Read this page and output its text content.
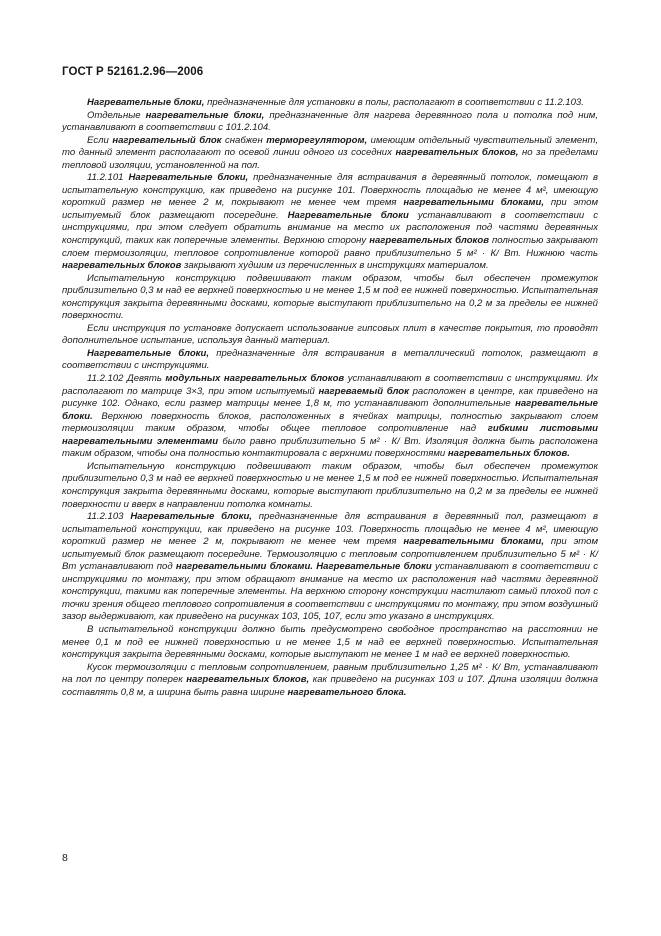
ГОСТ Р 52161.2.96—2006

Нагревательные блоки, предназначенные для установки в полы, располагают в соответствии с 11.2.103.

Отдельные нагревательные блоки, предназначенные для нагрева деревянного пола и потолка под ним, устанавливают в соответствии с 101.2.104.

Если нагревательный блок снабжен терморегулятором, имеющим отдельный чувствительный элемент, то данный элемент располагают по осевой линии одного из соседних нагревательных блоков, но за пределами тепловой изоляции, установленной на пол.

11.2.101 Нагревательные блоки, предназначенные для встраивания в деревянный потолок, помещают в испытательную конструкцию, как приведено на рисунке 101. Поверхность площадью не менее 4 м², имеющую короткий размер не менее 2 м, покрывают не менее чем тремя нагревательными блоками, при этом испытуемый блок размещают посередине. Нагревательные блоки устанавливают в соответствии с инструкциями, при этом следует обратить внимание на место их расположения под частями деревянных конструкций, таких как поперечные элементы. Верхнюю сторону нагревательных блоков полностью закрывают слоем термоизоляции, тепловое сопротивление которой равно приблизительно 5 м² · К/ Вт. Нижнюю часть нагревательных блоков закрывают худшим из перечисленных в инструкциях материалом.

Испытательную конструкцию подвешивают таким образом, чтобы был обеспечен промежуток приблизительно 0,3 м над ее верхней поверхностью и не менее 1,5 м под ее нижней поверхностью. Испытательная конструкция закрыта деревянными досками, которые выступают приблизительно на 0,2 м за пределы ее нижней поверхности.

Если инструкция по установке допускает использование гипсовых плит в качестве покрытия, то проводят дополнительное испытание, используя данный материал.

Нагревательные блоки, предназначенные для встраивания в металлический потолок, размещают в соответствии с инструкциями.

11.2.102 Девять модульных нагревательных блоков устанавливают в соответствии с инструкциями. Их располагают по матрице 3×3, при этом испытуемый нагреваемый блок расположен в центре, как приведено на рисунке 102. Однако, если размер матрицы менее 1,8 м, то устанавливают дополнительные нагревательные блоки. Верхнюю поверхность блоков, расположенных в ячейках матрицы, полностью закрывают слоем термоизоляции таким образом, чтобы общее тепловое сопротивление над гибкими листовыми нагревательными элементами было равно приблизительно 5 м² · К/ Вт. Изоляция должна быть расположена таким образом, чтобы она полностью контактировала с верхними поверхностями нагревательных блоков.

Испытательную конструкцию подвешивают таким образом, чтобы был обеспечен промежуток приблизительно 0,3 м над ее верхней поверхностью и не менее 1,5 м под ее нижней поверхностью. Испытательная конструкция закрыта деревянными досками, которые выступают приблизительно на 0,2 м за пределы ее нижней поверхности и вверх в направлении потолка комнаты.

11.2.103 Нагревательные блоки, предназначенные для встраивания в деревянный пол, размещают в испытательной конструкции, как приведено на рисунке 103. Поверхность площадью не менее 4 м², имеющую короткий размер не менее 2 м, покрывают не менее чем тремя нагревательными блоками, при этом испытуемый блок размещают посередине. Термоизоляцию с тепловым сопротивлением приблизительно 5 м² · К/ Вт устанавливают под нагревательными блоками. Нагревательные блоки устанавливают в соответствии с инструкциями по монтажу, при этом обращают внимание на место их расположения над частями деревянной конструкции, такими как поперечные элементы. На верхнюю сторону конструкции настилают самый плохой пол с точки зрения общего теплового сопротивления в соответствии с инструкциями по монтажу, при этом воздушный зазор выдерживают, как приведено на рисунках 103, 105, 107, если это указано в инструкциях.

В испытательной конструкции должно быть предусмотрено свободное пространство на расстоянии не менее 0,1 м под ее нижней поверхностью и не менее 1,5 м над ее верхней поверхностью. Испытательная конструкция закрыта деревянными досками, которые выступают не менее 1 м над ее верхней поверхностью.

Кусок термоизоляции с тепловым сопротивлением, равным приблизительно 1,25 м² · К/ Вт, устанавливают на пол по центру поперек нагревательных блоков, как приведено на рисунках 103 и 107. Длина изоляции должна составлять 0,8 м, а ширина быть равна ширине нагревательного блока.

8
